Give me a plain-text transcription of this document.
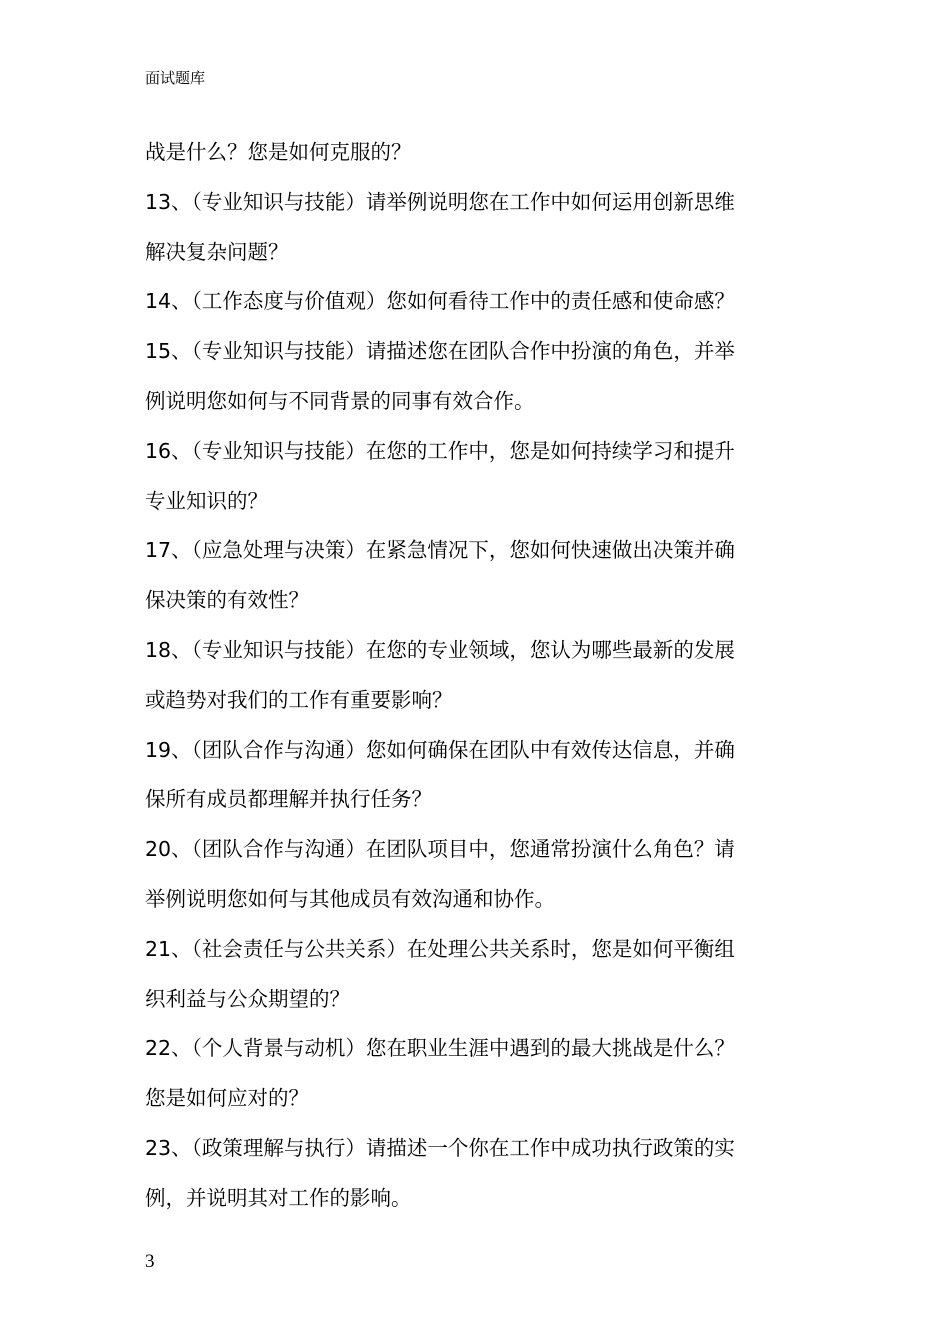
面试题库
战是什么？您是如何克服的？
13、（专业知识与技能）请举例说明您在工作中如何运用创新思维
解决复杂问题？
14、（工作态度与价值观）您如何看待工作中的责任感和使命感？
15、（专业知识与技能）请描述您在团队合作中扮演的角色，并举
例说明您如何与不同背景的同事有效合作。
16、（专业知识与技能）在您的工作中，您是如何持续学习和提升
专业知识的？
17、（应急处理与决策）在紧急情况下，您如何快速做出决策并确
保决策的有效性？
18、（专业知识与技能）在您的专业领域，您认为哪些最新的发展
或趋势对我们的工作有重要影响？
19、（团队合作与沟通）您如何确保在团队中有效传达信息，并确
保所有成员都理解并执行任务？
20、（团队合作与沟通）在团队项目中，您通常扮演什么角色？请
举例说明您如何与其他成员有效沟通和协作。
21、（社会责任与公共关系）在处理公共关系时，您是如何平衡组
织利益与公众期望的？
22、（个人背景与动机）您在职业生涯中遇到的最大挑战是什么？
您是如何应对的？
23、（政策理解与执行）请描述一个你在工作中成功执行政策的实
例，并说明其对工作的影响。
3
